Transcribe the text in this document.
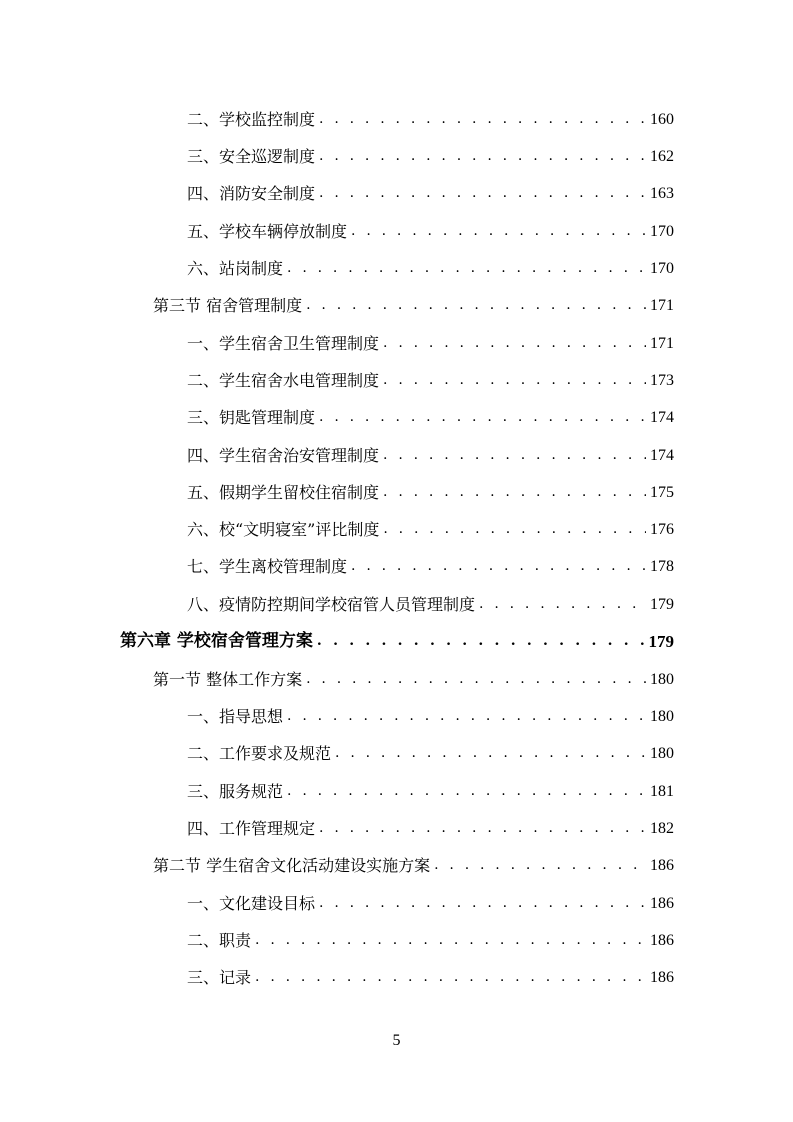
二、学校监控制度 . . .	160
三、安全巡逻制度 . . .	162
四、消防安全制度 . . .	163
五、学校车辆停放制度 . . .	170
六、站岗制度 . . .	170
第三节 宿舍管理制度 . . .	171
一、学生宿舍卫生管理制度 . . .	171
二、学生宿舍水电管理制度 . . .	173
三、钥匙管理制度 . . .	174
四、学生宿舍治安管理制度 . . .	174
五、假期学生留校住宿制度 . . .	175
六、校“文明寝室”评比制度 . . .	176
七、学生离校管理制度 . . .	178
八、疫情防控期间学校宿管人员管理制度 . . .	179
第六章 学校宿舍管理方案 . . .	179
第一节 整体工作方案 . . .	180
一、指导思想 . . .	180
二、工作要求及规范 . . .	180
三、服务规范 . . .	181
四、工作管理规定 . . .	182
第二节 学生宿舍文化活动建设实施方案 . . .	186
一、文化建设目标 . . .	186
二、职责 . . .	186
三、记录 . . .	186
5
